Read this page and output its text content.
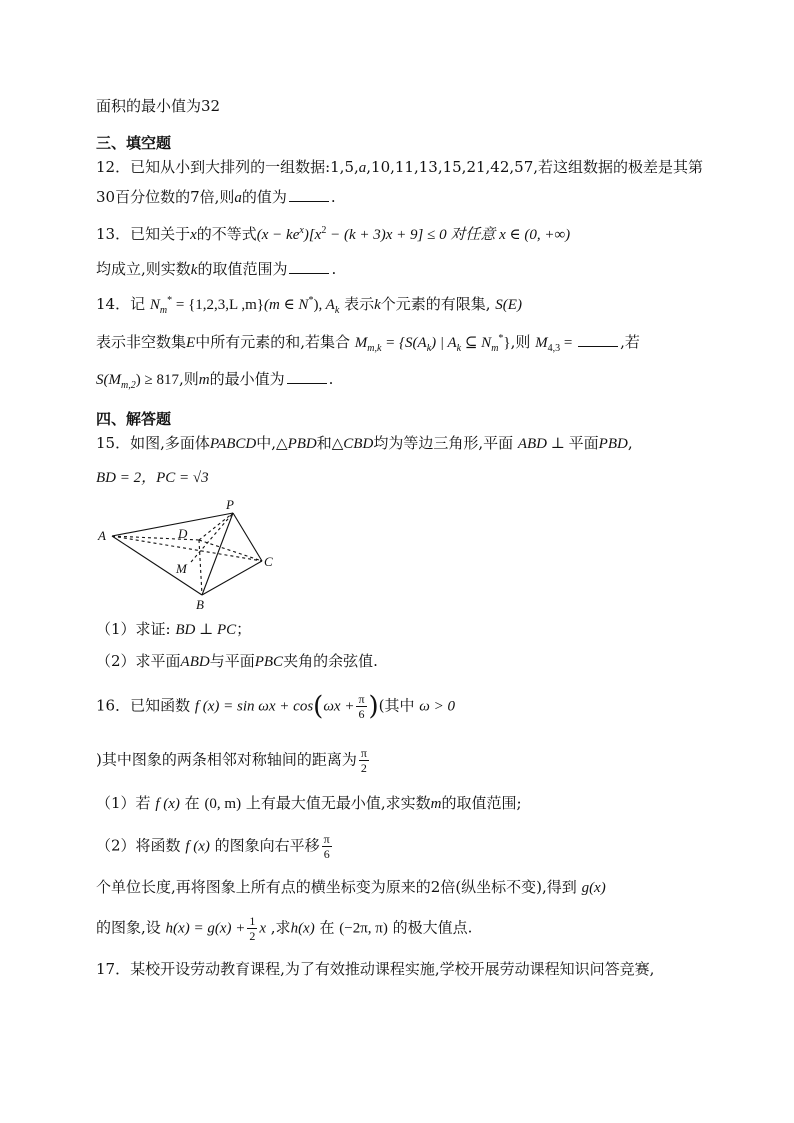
面积的最小值为32
三、填空题
12．已知从小到大排列的一组数据:1,5,a,10,11,13,15,21,42,57,若这组数据的极差是其第
30百分位数的7倍,则a的值为	.
13．已知关于x的不等式$(x - ke^x)[x^2 - (k + 3)x + 9] \le 0$ 对任意 x ∈ (0, +∞)
均成立,则实数k的取值范围为	.
14．记 $N_m^* = \{1,2,3,L$ ,m}(m ∈ N*), $A_k$ 表示k个元素的有限集, S(E)
表示非空数集E中所有元素的和,若集合 $M_{m,k} = \{S(A_k)$ | $A_k$ ⊆ $N_m^*$},则 $M_{4,3}$ =	,若
$S(M_{m,2}) \ge 817$,则m的最小值为	.
四、解答题
15．如图,多面体PABCD中,△PBD和△CBD均为等边三角形,平面 ABD ⊥ 平面PBD,
BD = 2，PC = √3
A
P
D
M	C
B
（1）求证: BD ⊥ PC；
（2）求平面ABD与平面PBC夹角的余弦值.
16．已知函数 f $(x) = \sin \omega x + \cos(\omega x + \frac{\pi}{6}$ )(其中 ω > 0
)其中图象的两条相邻对称轴间的距离为 $\frac{\pi}{2}$
（1）若 f (x) 在 (0, m) 上有最大值无最小值,求实数m的取值范围;
（2）将函数 f (x) 的图象向右平移 $\frac{\pi}{6}$
个单位长度,再将图象上所有点的横坐标变为原来的2倍(纵坐标不变),得到 g(x)
的图象,设 $h(x) = g(x) + \frac{1}{2}$ x ,求h(x) 在 (−2π, π) 的极大值点.
17．某校开设劳动教育课程,为了有效推动课程实施,学校开展劳动课程知识问答竞赛,
